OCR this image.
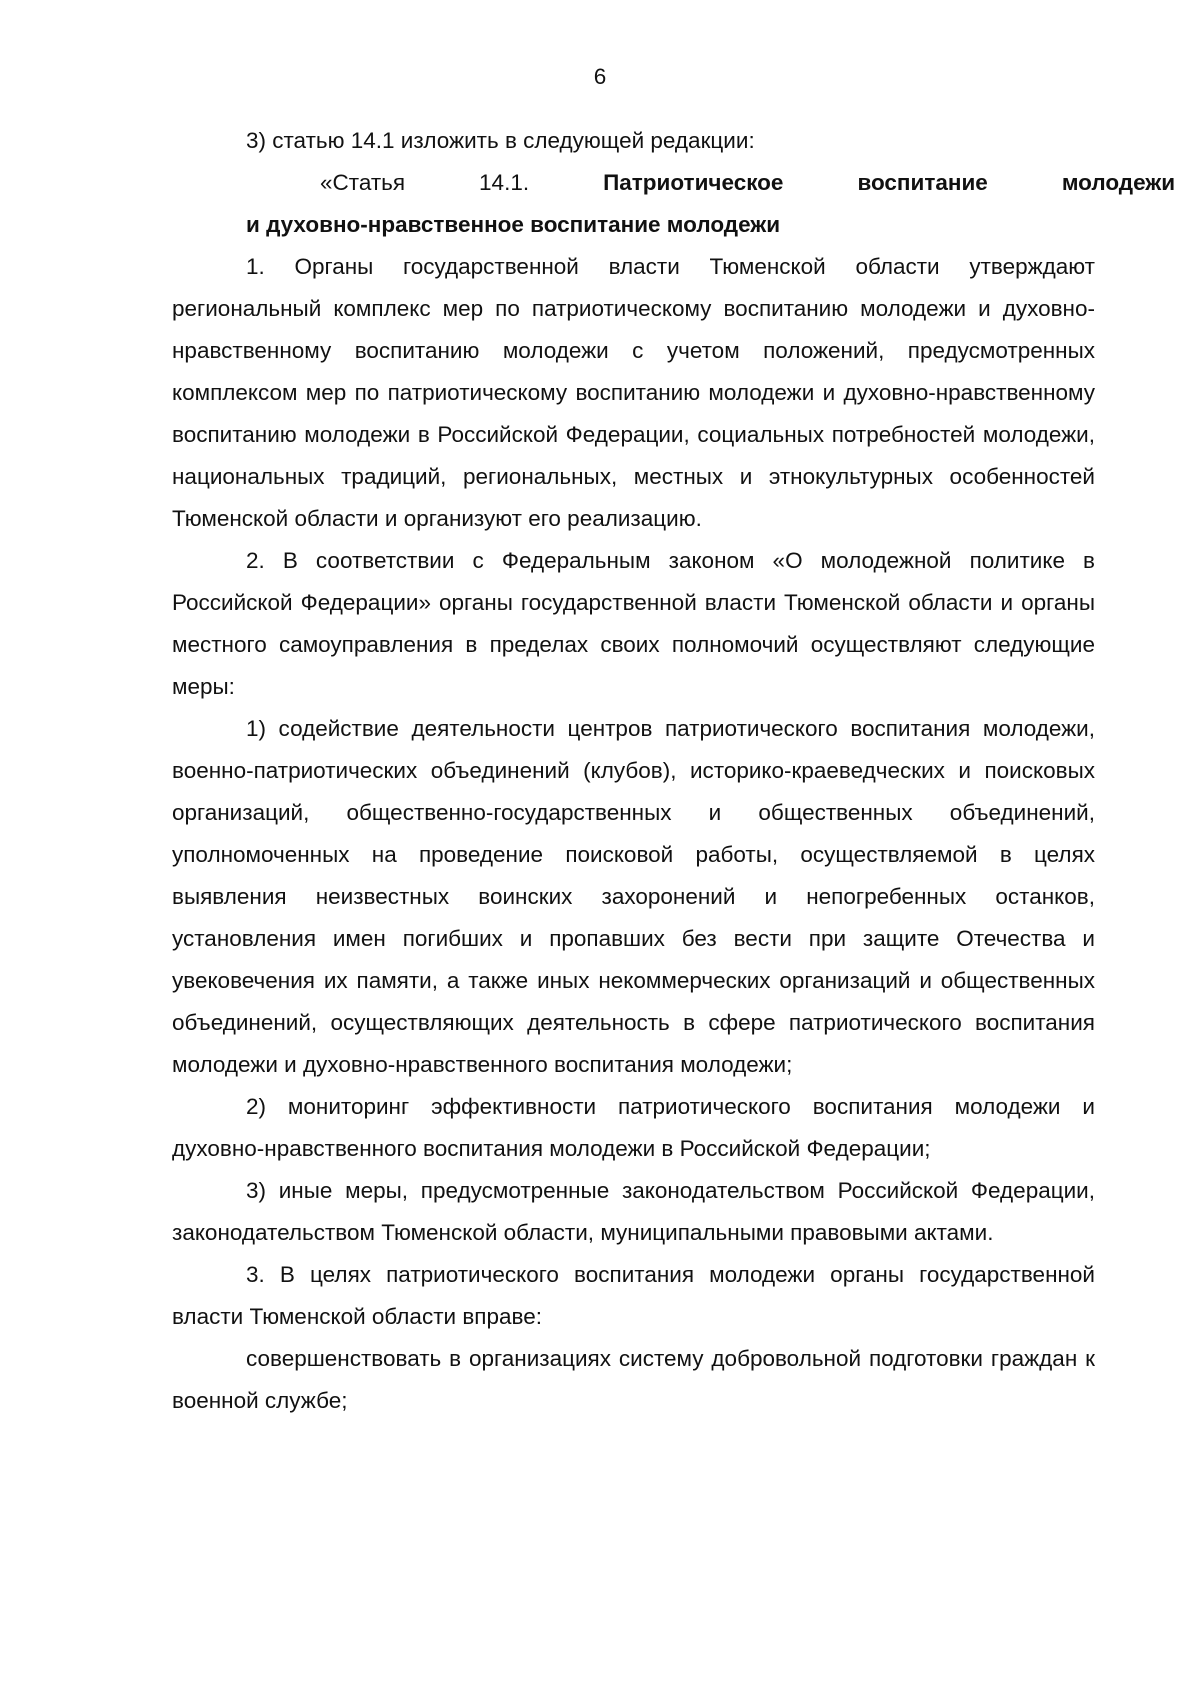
6

3) статью 14.1 изложить в следующей редакции:

«Статья	14.1.	Патриотическое	воспитание	молодежи
и духовно-нравственное воспитание молодежи

1. Органы государственной власти Тюменской области утверждают региональный комплекс мер по патриотическому воспитанию молодежи и духовно-нравственному воспитанию молодежи с учетом положений, предусмотренных комплексом мер по патриотическому воспитанию молодежи и духовно-нравственному воспитанию молодежи в Российской Федерации, социальных потребностей молодежи, национальных традиций, региональных, местных и этнокультурных особенностей Тюменской области и организуют его реализацию.

2. В соответствии с Федеральным законом «О молодежной политике в Российской Федерации» органы государственной власти Тюменской области и органы местного самоуправления в пределах своих полномочий осуществляют следующие меры:

1) содействие деятельности центров патриотического воспитания молодежи, военно-патриотических объединений (клубов), историко-краеведческих и поисковых организаций, общественно-государственных и общественных объединений, уполномоченных на проведение поисковой работы, осуществляемой в целях выявления неизвестных воинских захоронений и непогребенных останков, установления имен погибших и пропавших без вести при защите Отечества и увековечения их памяти, а также иных некоммерческих организаций и общественных объединений, осуществляющих деятельность в сфере патриотического воспитания молодежи и духовно-нравственного воспитания молодежи;

2) мониторинг эффективности патриотического воспитания молодежи и духовно-нравственного воспитания молодежи в Российской Федерации;

3) иные меры, предусмотренные законодательством Российской Федерации, законодательством Тюменской области, муниципальными правовыми актами.

3. В целях патриотического воспитания молодежи органы государственной власти Тюменской области вправе:

совершенствовать в организациях систему добровольной подготовки граждан к военной службе;
